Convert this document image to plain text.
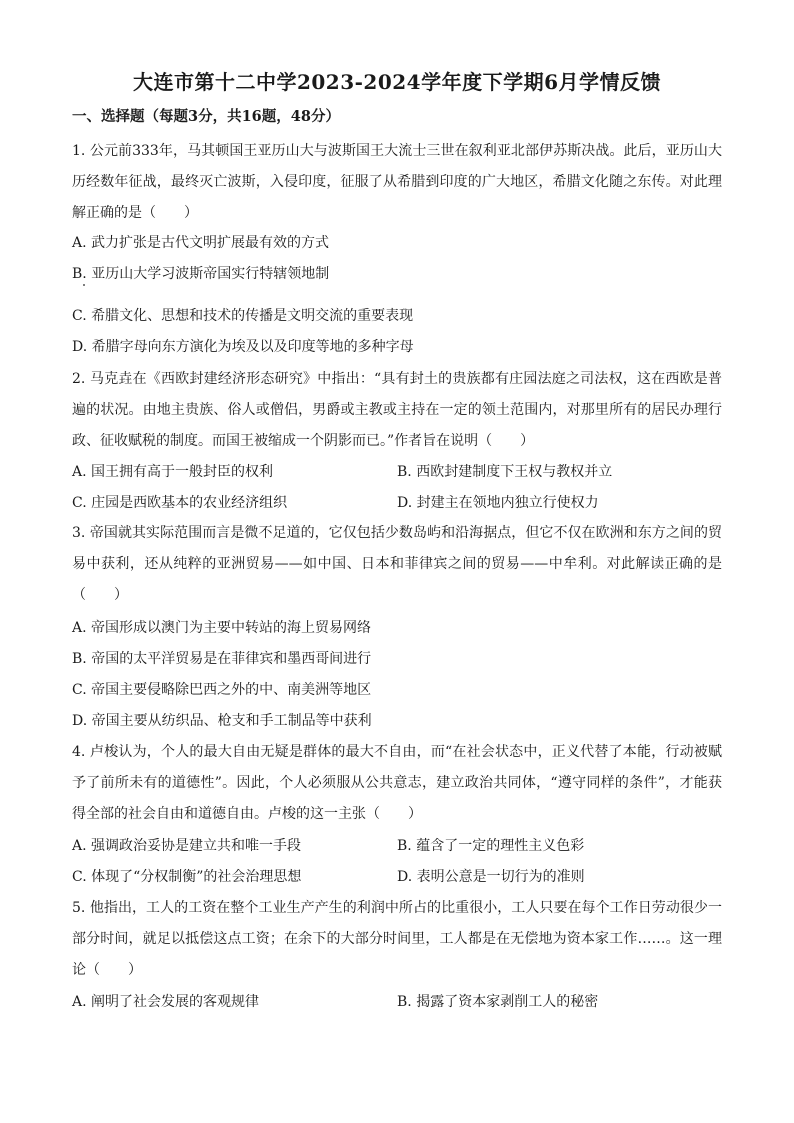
大连市第十二中学2023-2024学年度下学期6月学情反馈
一、选择题（每题3分，共16题，48分）
1. 公元前333年，马其顿国王亚历山大与波斯国王大流士三世在叙利亚北部伊苏斯决战。此后，亚历山大历经数年征战，最终灭亡波斯，入侵印度，征服了从希腊到印度的广大地区，希腊文化随之东传。对此理解正确的是（　　）
A. 武力扩张是古代文明扩展最有效的方式
B. 亚历山大学习波斯帝国实行特辖领地制
C. 希腊文化、思想和技术的传播是文明交流的重要表现
D. 希腊字母向东方演化为埃及以及印度等地的多种字母
2. 马克垚在《西欧封建经济形态研究》中指出：“具有封土的贵族都有庄园法庭之司法权，这在西欧是普遍的状况。由地主贵族、俗人或僧侣，男爵或主教或主持在一定的领土范围内，对那里所有的居民办理行政、征收赋税的制度。而国王被缩成一个阴影而已。”作者旨在说明（　　）
A. 国王拥有高于一般封臣的权利	B. 西欧封建制度下王权与教权并立
C. 庄园是西欧基本的农业经济组织	D. 封建主在领地内独立行使权力
3. 帝国就其实际范围而言是微不足道的，它仅包括少数岛屿和沿海据点，但它不仅在欧洲和东方之间的贸易中获利，还从纯粹的亚洲贸易——如中国、日本和菲律宾之间的贸易——中牟利。对此解读正确的是（　　）
A. 帝国形成以澳门为主要中转站的海上贸易网络
B. 帝国的太平洋贸易是在菲律宾和墨西哥间进行
C. 帝国主要侵略除巴西之外的中、南美洲等地区
D. 帝国主要从纺织品、枪支和手工制品等中获利
4. 卢梭认为，个人的最大自由无疑是群体的最大不自由，而“在社会状态中，正义代替了本能，行动被赋予了前所未有的道德性”。因此，个人必须服从公共意志，建立政治共同体，“遵守同样的条件”，才能获得全部的社会自由和道德自由。卢梭的这一主张（　　）
A. 强调政治妥协是建立共和唯一手段	B. 蕴含了一定的理性主义色彩
C. 体现了“分权制衡”的社会治理思想	D. 表明公意是一切行为的准则
5. 他指出，工人的工资在整个工业生产产生的利润中所占的比重很小，工人只要在每个工作日劳动很少一部分时间，就足以抵偿这点工资；在余下的大部分时间里，工人都是在无偿地为资本家工作……。这一理论（　　）
A. 阐明了社会发展的客观规律	B. 揭露了资本家剥削工人的秘密
